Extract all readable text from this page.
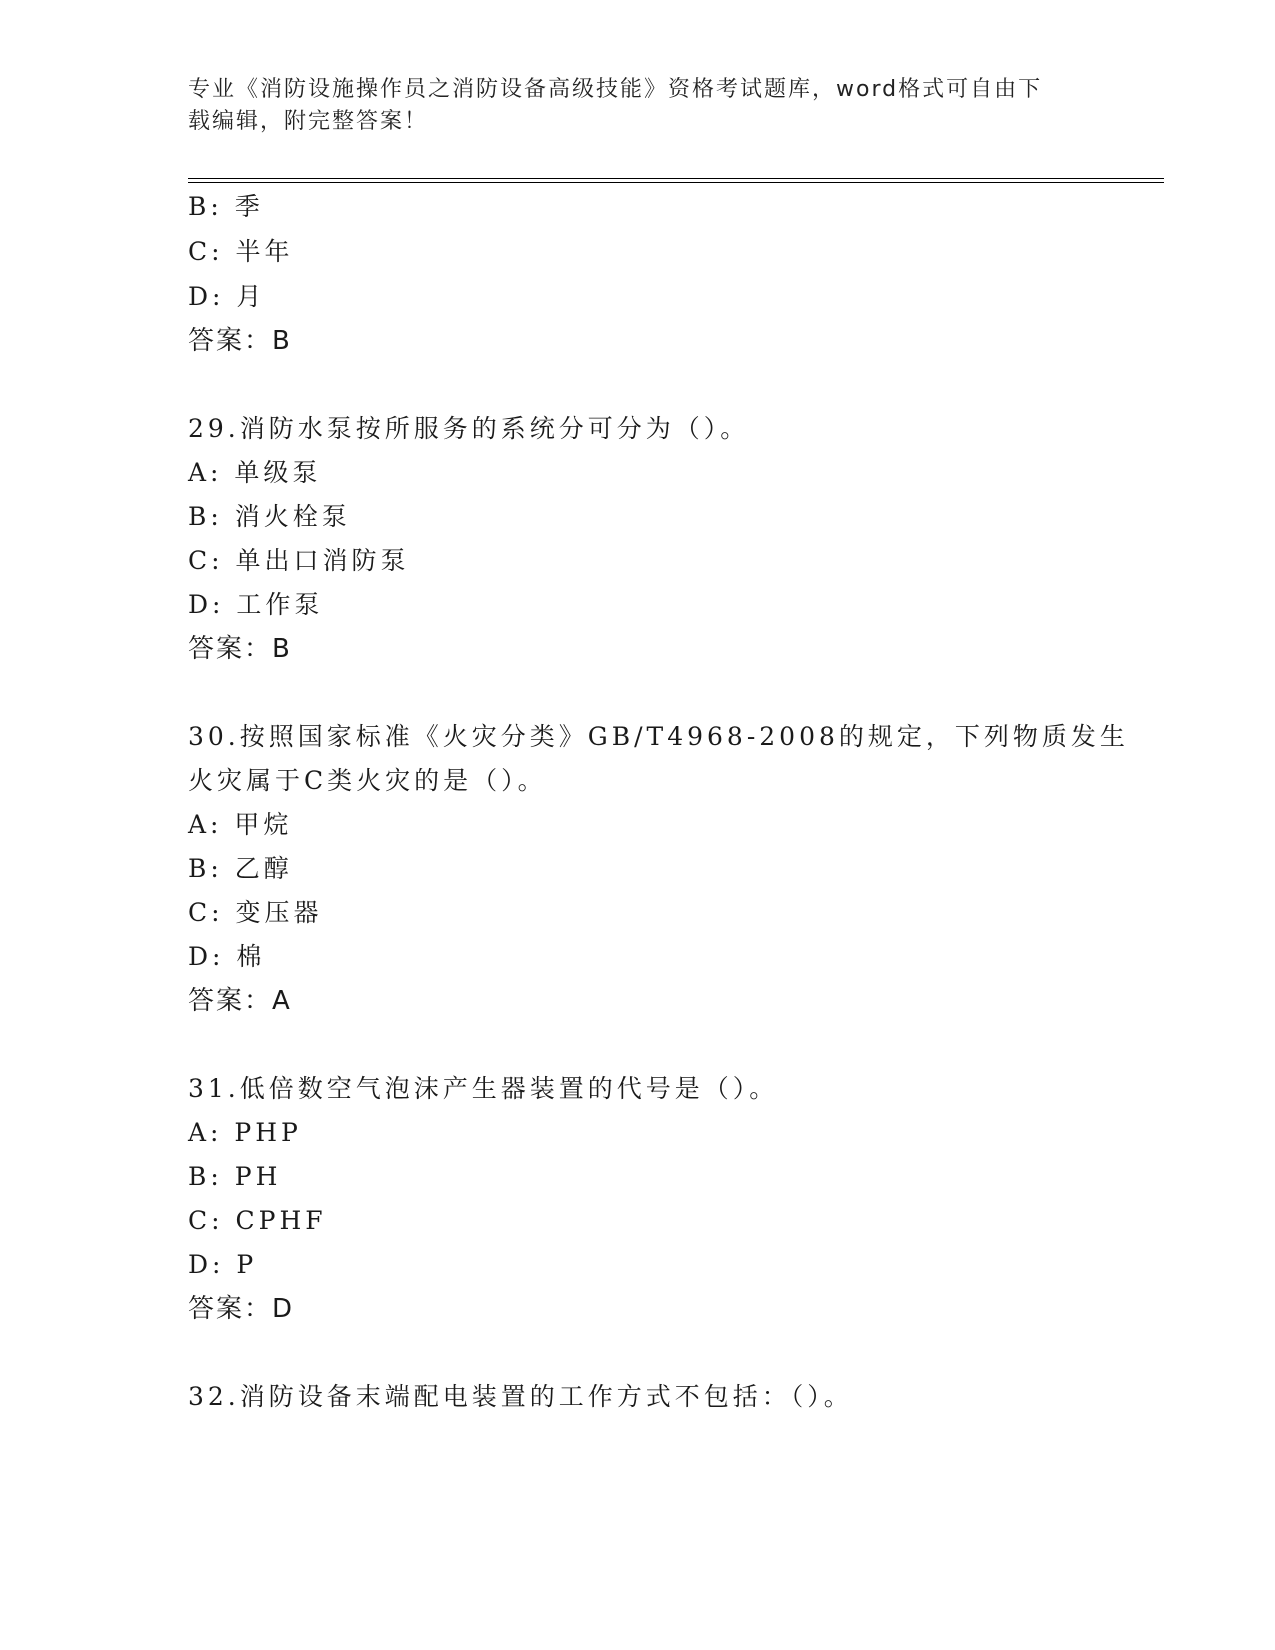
专业《消防设施操作员之消防设备高级技能》资格考试题库，word格式可自由下
载编辑，附完整答案！
B: 季
C: 半年
D: 月
答案：B
29.消防水泵按所服务的系统分可分为（）。
A: 单级泵
B: 消火栓泵
C: 单出口消防泵
D: 工作泵
答案：B
30.按照国家标准《火灾分类》GB/T4968-2008的规定，下列物质发生
火灾属于C类火灾的是（）。
A: 甲烷
B: 乙醇
C: 变压器
D: 棉
答案：A
31.低倍数空气泡沫产生器装置的代号是（）。
A: PHP
B: PH
C: CPHF
D: P
答案：D
32.消防设备末端配电装置的工作方式不包括：（）。
